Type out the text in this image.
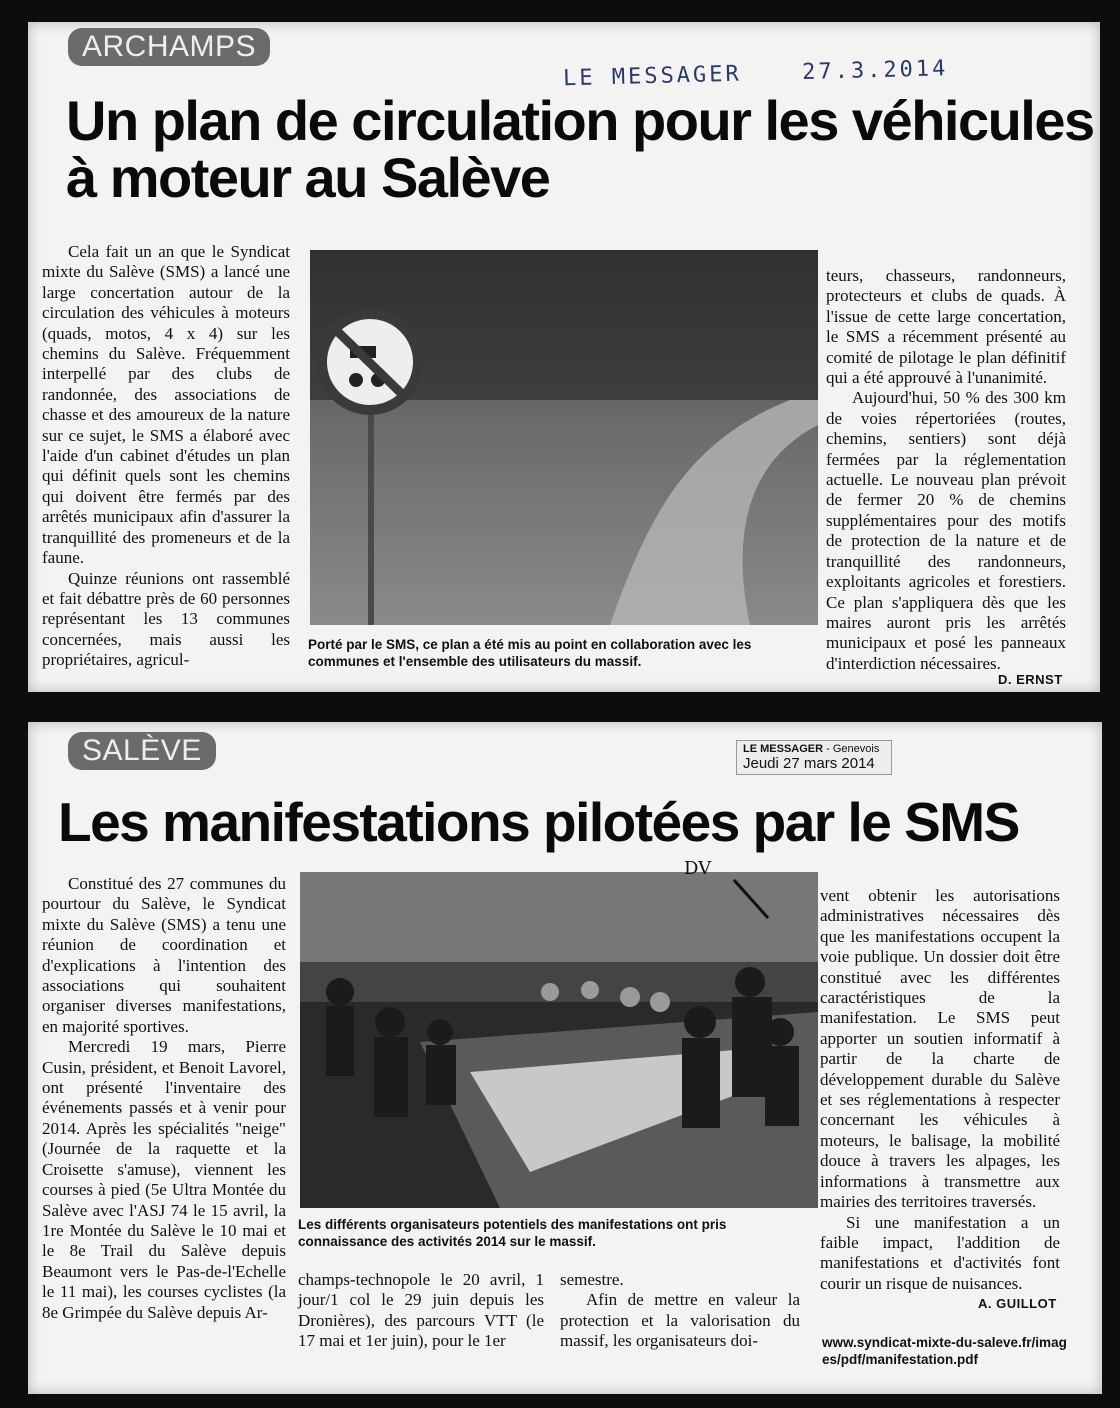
ARCHAMPS
LE MESSAGER	27.3.2014
Un plan de circulation pour les véhicules à moteur au Salève

Cela fait un an que le Syndicat mixte du Salève (SMS) a lancé une large concertation autour de la circulation des véhicules à moteurs (quads, motos, 4 x 4) sur les chemins du Salève. Fréquemment interpellé par des clubs de randonnée, des associations de chasse et des amoureux de la nature sur ce sujet, le SMS a élaboré avec l'aide d'un cabinet d'études un plan qui définit quels sont les chemins qui doivent être fermés par des arrêtés municipaux afin d'assurer la tranquillité des promeneurs et de la faune.

Quinze réunions ont rassemblé et fait débattre près de 60 personnes représentant les 13 communes concernées, mais aussi les propriétaires, agricul-

Porté par le SMS, ce plan a été mis au point en collaboration avec les communes et l'ensemble des utilisateurs du massif.

teurs, chasseurs, randonneurs, protecteurs et clubs de quads. À l'issue de cette large concertation, le SMS a récemment présenté au comité de pilotage le plan définitif qui a été approuvé à l'unanimité.

Aujourd'hui, 50 % des 300 km de voies répertoriées (routes, chemins, sentiers) sont déjà fermées par la réglementation actuelle. Le nouveau plan prévoit de fermer 20 % de chemins supplémentaires pour des motifs de protection de la nature et de tranquillité des randonneurs, exploitants agricoles et forestiers. Ce plan s'appliquera dès que les maires auront pris les arrêtés municipaux et posé les panneaux d'interdiction nécessaires.

D. ERNST
SALÈVE	LE MESSAGER - Genevois
Jeudi 27 mars 2014
Les manifestations pilotées par le SMS

Constitué des 27 communes du pourtour du Salève, le Syndicat mixte du Salève (SMS) a tenu une réunion de coordination et d'explications à l'intention des associations qui souhaitent organiser diverses manifestations, en majorité sportives.

Mercredi 19 mars, Pierre Cusin, président, et Benoit Lavorel, ont présenté l'inventaire des événements passés et à venir pour 2014. Après les spécialités "neige" (Journée de la raquette et la Croisette s'amuse), viennent les courses à pied (5e Ultra Montée du Salève avec l'ASJ 74 le 15 avril, la 1re Montée du Salève le 10 mai et le 8e Trail du Salève depuis Beaumont vers le Pas-de-l'Echelle le 11 mai), les courses cyclistes (la 8e Grimpée du Salève depuis Ar-

DV
Les différents organisateurs potentiels des manifestations ont pris connaissance des activités 2014 sur le massif.

champs-technopole le 20 avril, 1 jour/1 col le 29 juin depuis les Dronières), des parcours VTT (le 17 mai et 1er juin), pour le 1er

semestre.

Afin de mettre en valeur la protection et la valorisation du massif, les organisateurs doi-

vent obtenir les autorisations administratives nécessaires dès que les manifestations occupent la voie publique. Un dossier doit être constitué avec les différentes caractéristiques de la manifestation. Le SMS peut apporter un soutien informatif à partir de la charte de développement durable du Salève et ses réglementations à respecter concernant les véhicules à moteurs, le balisage, la mobilité douce à travers les alpages, les informations à transmettre aux mairies des territoires traversés.

Si une manifestation a un faible impact, l'addition de manifestations et d'activités font courir un risque de nuisances.

A. GUILLOT
www.syndicat-mixte-du-saleve.fr/images/pdf/manifestation.pdf
